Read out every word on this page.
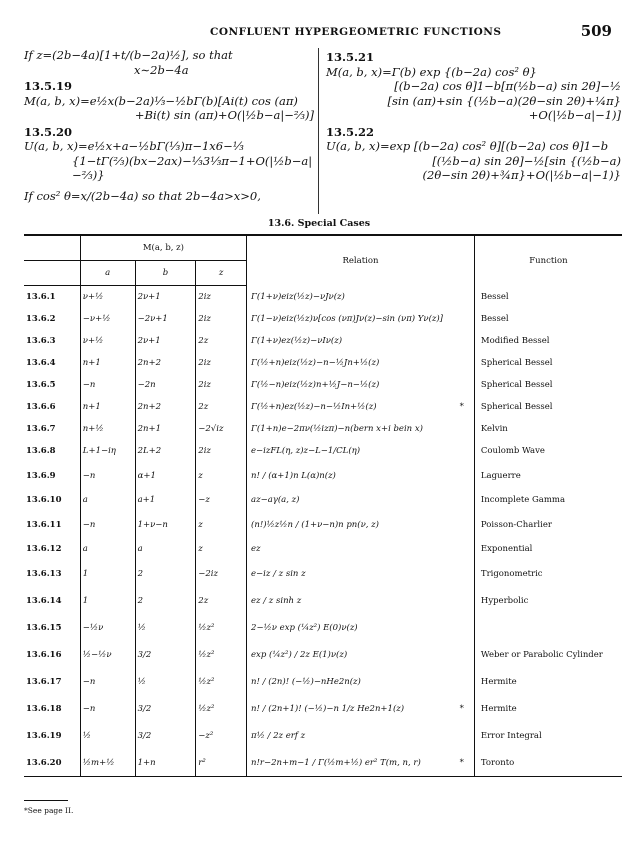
CONFLUENT HYPERGEOMETRIC FUNCTIONS	509
If z=(2b−4a)[1+t/(b−2a)½], so that
x∼2b−4a
13.5.19
M(a, b, x)=e½x(b−2a)⅓−½bΓ(b)[Ai(t) cos (aπ)
+Bi(t) sin (aπ)+O(|½b−a|−⅔)]
13.5.20
U(a, b, x)=e½x+a−½bΓ(⅓)π−1x6−⅓
{1−tΓ(⅔)(bx−2ax)−⅓3⅓π−1+O(|½b−a|−⅔)}
If cos² θ=x/(2b−4a) so that 2b−4a>x>0,
13.5.21
M(a, b, x)=Γ(b) exp {(b−2a) cos² θ}
[(b−2a) cos θ]1−b[π(½b−a) sin 2θ]−½
[sin (aπ)+sin {(½b−a)(2θ−sin 2θ)+¼π}
+O(|½b−a|−1)]
13.5.22
U(a, b, x)=exp [(b−2a) cos² θ][(b−2a) cos θ]1−b
[(½b−a) sin 2θ]−½[sin {(½b−a)
(2θ−sin 2θ)+¾π}+O(|½b−a|−1)}
13.6. Special Cases
	M(a, b, z)			Relation	Function
	a	b	z		
13.6.1	ν+½	2ν+1	2iz	Γ(1+ν)eiz(½z)−νJν(z)	Bessel
13.6.2	−ν+½	−2ν+1	2iz	Γ(1−ν)eiz(½z)ν[cos (νπ)Jν(z)−sin (νπ) Yν(z)]	Bessel
13.6.3	ν+½	2ν+1	2z	Γ(1+ν)ez(½z)−νIν(z)	Modified Bessel
13.6.4	n+1	2n+2	2iz	Γ(½+n)eiz(½z)−n−½Jn+½(z)	Spherical Bessel
13.6.5	−n	−2n	2iz	Γ(½−n)eiz(½z)n+½J−n−½(z)	Spherical Bessel
13.6.6	n+1	2n+2	2z	Γ(½+n)ez(½z)−n−½In+½(z) *	Spherical Bessel
13.6.7	n+½	2n+1	−2√iz	Γ(1+n)e−2πν(½izπ)−n(bern x+i bein x)	Kelvin
13.6.8	L+1−iη	2L+2	2iz	e−izFL(η, z)z−L−1/CL(η)	Coulomb Wave
13.6.9	−n	α+1	z	n! / (α+1)n L(α)n(z)	Laguerre
13.6.10	a	a+1	−z	az−aγ(a, z)	Incomplete Gamma
13.6.11	−n	1+ν−n	z	(n!)½z½n / (1+ν−n)n pn(ν, z)	Poisson-Charlier
13.6.12	a	a	z	ez	Exponential
13.6.13	1	2	−2iz	e−iz / z sin z	Trigonometric
13.6.14	1	2	2z	ez / z sinh z	Hyperbolic
13.6.15	−½ν	½	½z²	2−½ν exp (¼z²) E(0)ν(z)	
13.6.16	½−½ν	3/2	½z²	exp (¼z²) / 2z E(1)ν(z)	Weber or Parabolic Cylinder
13.6.17	−n	½	½z²	n! / (2n)! (−½)−nHe2n(z)	Hermite
13.6.18	−n	3/2	½z²	n! / (2n+1)! (−½)−n 1/z He2n+1(z) *	Hermite
13.6.19	½	3/2	−z²	π½ / 2z erf z	Error Integral
13.6.20	½m+½	1+n	r²	n!r−2n+m−1 / Γ(½m+½) er² T(m, n, r) *	Toronto
*See page II.
